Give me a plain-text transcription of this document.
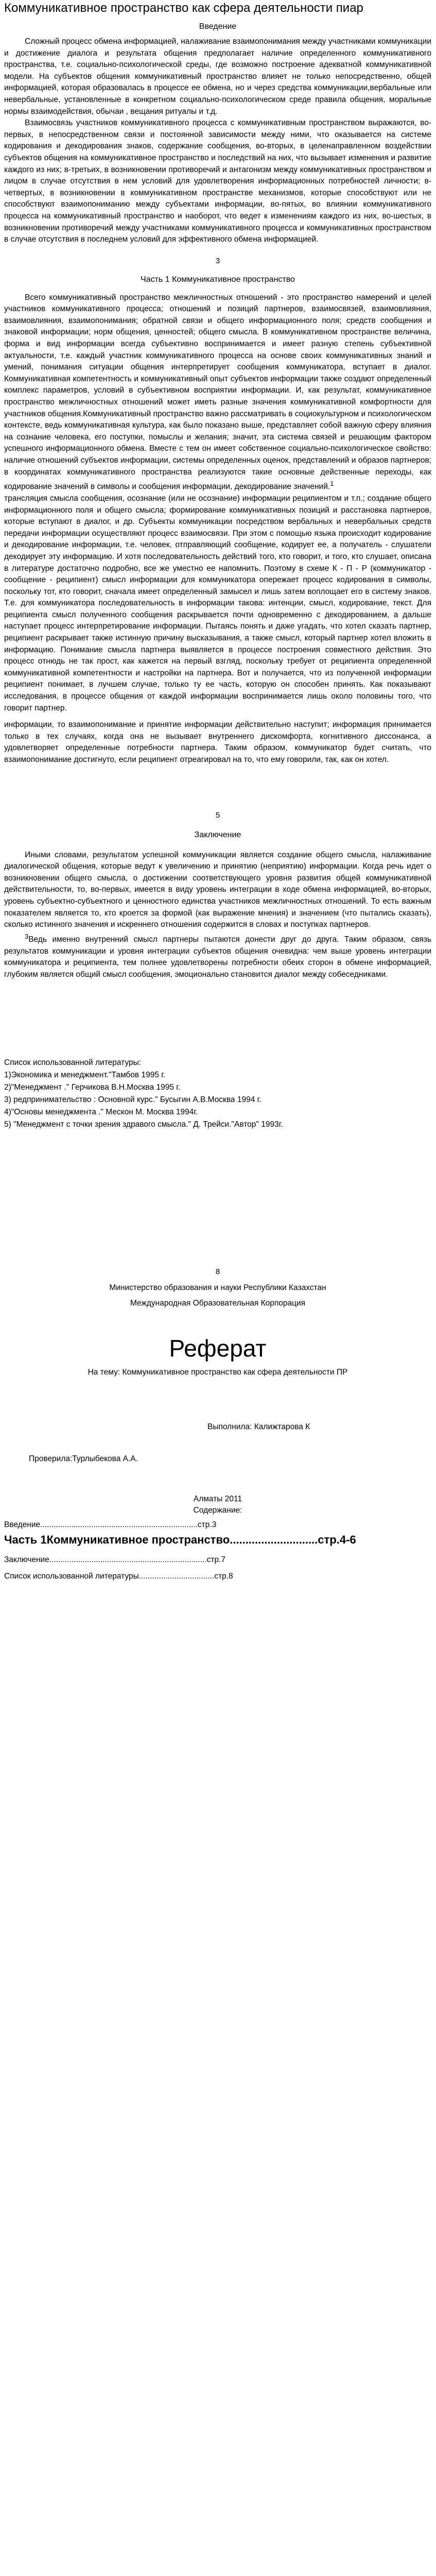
Коммуникативное пространство как сфера деятельности пиар

Введение

Сложный процесс обмена информацией, налаживание взаимопонимания между участниками коммуникации и достижение диалога и результата общения предполагает наличие определенного коммуникативного пространства, т.е. социально-психологической среды, где возможно построение адекватной коммуникативной модели. На субъектов общения коммуникативный пространство влияет не только непосредственно, общей информацией, которая образовалась в процессе ее обмена, но и через средства коммуникации,вербальные или невербальные, установленные в конкретном социально-психологическом среде правила общения, моральные нормы взаимодействия, обычаи , вещания ритуалы и т.д.

Взаимосвязь участников коммуникативного процесса с коммуникативным пространством выражаются, во-первых, в непосредственном связи и постоянной зависимости между ними, что оказывается на системе кодирования и декодирования знаков, содержание сообщения, во-вторых, в целенаправленном воздействии субъектов общения на коммуникативное пространство и последствий на них, что вызывает изменения и развитие каждого из них; в-третьих, в возникновении противоречий и антагонизм между коммуникативных пространством и лицом в случае отсутствия в нем условий для удовлетворения информационных потребностей личности; в-четвертых, в возникновении в коммуникативном пространстве механизмов, которые способствуют или не способствуют взаимопониманию между субъектами информации, во-пятых, во влиянии коммуникативного процесса на коммуникативный пространство и наоборот, что ведет к изменениям каждого из них, во-шестых, в возникновении противоречий между участниками коммуникативного процесса и коммуникативных пространством в случае отсутствия в последнем условий для эффективного обмена информацией.

3

Часть 1 Коммуникативное пространство

Всего коммуникативный пространство межличностных отношений - это пространство намерений и целей участников коммуникативного процесса; отношений и позиций партнеров, взаимосвязей, взаимовлияния, взаимовлияния, взаимопонимания; обратной связи и общего информационного поля; средств сообщения и знаковой информации; норм общения, ценностей; общего смысла. В коммуникативном пространстве величина, форма и вид информации всегда субъективно воспринимается и имеет разную степень субъективной актуальности, т.е. каждый участник коммуникативного процесса на основе своих коммуникативных знаний и умений, понимания ситуации общения интерпретирует сообщения коммуникатора, вступает в диалог. Коммуникативная компетентность и коммуникативный опыт субъектов информации также создают определенный комплекс параметров, условий в субъективном восприятии информации. И, как результат, коммуникативное пространство межличностных отношений может иметь разные значения коммуникативной комфортности для участников общения.Коммуникативный пространство важно рассматривать в социокультурном и психологическом контексте, ведь коммуникативная культура, как было показано выше, представляет собой важную сферу влияния на сознание человека, его поступки, помыслы и желания; значит, эта система связей и решающим фактором успешного информационного обмена. Вместе с тем он имеет собственное социально-психологическое свойство: наличие отношений субъектов информации, системы определенных оценок, представлений и образов партнеров; в координатах коммуникативного пространства реализуются такие основные действенные переходы, как кодирование значений в символы и сообщения информации, декодирование значений.$^1$

трансляция смысла сообщения, осознание (или не осознание) информации реципиентом и т.п.; создание общего информационного поля и общего смысла; формирование коммуникативных позиций и расстановка партнеров, которые вступают в диалог, и др. Субъекты коммуникации посредством вербальных и невербальных средств передачи информации осуществляют процесс взаимосвязи. При этом с помощью языка происходит кодирование и декодирование информации, т.е. человек, отправляющий сообщение, кодирует ее, а получатель - слушатели декодирует эту информацию. И хотя последовательность действий того, кто говорит, и того, кто слушает, описана в литературе достаточно подробно, все же уместно ее напомнить. Поэтому в схеме К - П - Р (коммуникатор - сообщение - реципиент) смысл информации для коммуникатора опережает процесс кодирования в символы, поскольку тот, кто говорит, сначала имеет определенный замысел и лишь затем воплощает его в систему знаков. Т.е. для коммуникатора последовательность в информации такова: интенции, смысл, кодирование, текст. Для реципиента смысл полученного сообщения раскрывается почти одновременно с декодированием, а дальше наступает процесс интерпретирование информации. Пытаясь понять и даже угадать, что хотел сказать партнер, реципиент раскрывает также истинную причину высказывания, а также смысл, который партнер хотел вложить в информацию. Понимание смысла партнера выявляется в процессе построения совместного действия. Это процесс отнюдь не так прост, как кажется на первый взгляд, поскольку требует от реципиента определенной коммуникативной компетентности и настройки на партнера. Вот и получается, что из полученной информации реципиент понимает, в лучшем случае, только ту ее часть, которую он способен принять. Как показывают исследования, в процессе общения от каждой информации воспринимается лишь около половины того, что говорит партнер.

информации, то взаимопонимание и принятие информации действительно наступит; информация принимается только в тех случаях, когда она не вызывает внутреннего дискомфорта, когнитивного диссонанса, а удовлетворяет определенные потребности партнера. Таким образом, коммуникатор будет считать, что взаимопонимание достигнуто, если реципиент отреагировал на то, что ему говорили, так, как он хотел.

5

Заключение

Иными словами, результатом успешной коммуникации является создание общего смысла, налаживание диалогической общения, которые ведут к увеличению и принятию (неприятию) информации. Когда речь идет о возникновении общего смысла, о достижении соответствующего уровня развития общей коммуникативной действительности, то, во-первых, имеется в виду уровень интеграции в ходе обмена информацией, во-вторых, уровень субъектно-субъектного и ценностного единства участников межличностных отношений. То есть важным показателем является то, кто кроется за формой (как выражение мнения) и значением (что пытались сказать), сколько истинного значения и искреннего отношения содержится в словах и поступках партнеров.

$^3$Ведь именно внутренний смысл партнеры пытаются донести друг до друга. Таким образом, связь результатов коммуникации и уровня интеграции субъектов общения очевидна: чем выше уровень интеграции коммуникатора и реципиента, тем полнее удовлетворены потребности обеих сторон в обмене информацией, глубоким является общий смысл сообщения, эмоционально становится диалог между собеседниками.

Список использованной литературы:

1)Экономика и менеджмент."Тамбов 1995 г.

2)"Менеджмент ." Герчикова В.Н.Москва 1995 г.

3) редпринимательство : Основной курс." Бусыгин А.В.Москва 1994 г.

4)"Основы менеджмента ." Мескон М. Москва 1994г.

5) "Менеджмент с точки зрения здравого смысла." Д. Трейси."Автор" 1993г.

8

Министерство образования и науки Республики Казахстан

Международная Образовательная Корпорация

Реферат

На тему: Коммуникативное пространство как сфера деятельности ПР

Выполнила: Калижтарова К

Проверила:Турлыбекова А.А.

Алматы 2011

Содержание:

Введение.......................................................................стр.3

Часть 1Коммуникативное пространство............................стр.4-6

Заключение.......................................................................стр.7

Список использованной литературы..................................стр.8
